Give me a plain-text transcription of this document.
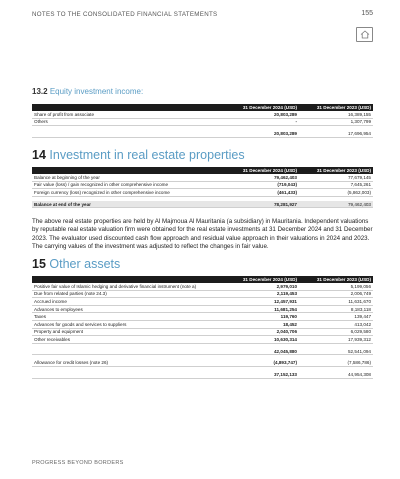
NOTES TO THE CONSOLIDATED FINANCIAL STATEMENTS	155
13.2 Equity investment income:
	31 December 2024 (USD)	31 December 2023 (USD)
Share of profit from associate	20,803,289	16,389,155
Others	-	1,307,799

	20,803,289	17,696,954
14 Investment in real estate properties
	31 December 2024 (USD)	31 December 2023 (USD)
Balance at beginning of the year	79,462,403	77,679,145
Fair value (loss) / gain recognized in other comprehensive income	(719,043)	7,645,261
Foreign currency (loss) recognized in other comprehensive income	(461,433)	(5,862,003)

Balance at end of the year	78,281,927	79,462,403
The above real estate properties are held by Al Majmoua Al Mauritania (a subsidiary) in Mauritania. Independent valuations by reputable real estate valuation firm were obtained for the real estate investments at 31 December 2024 and 31 December 2023. The evaluator used discounted cash flow approach and residual value approach in their valuations in 2024 and 2023. The carrying values of the investment was adjusted to reflect the changes in fair value.
15 Other assets
	31 December 2024 (USD)	31 December 2023 (USD)
Positive fair value of Islamic hedging and derivative financial instrument (note a)	2,979,010	5,199,056
Due from related parties (note 24.3)	2,119,453	2,006,749
Accrued income	12,457,931	11,631,670
Advances to employees	11,681,254	8,183,118
Taxes	119,760	139,447
Advances for goods and services to suppliers	18,452	413,042
Property and equipment	2,040,706	6,029,580
Other receivables	10,630,314	17,939,312

	42,045,880	52,541,094

Allowance for credit losses (note 26)	(4,893,747)	(7,586,786)

	37,152,133	44,954,308
PROGRESS BEYOND BORDERS
